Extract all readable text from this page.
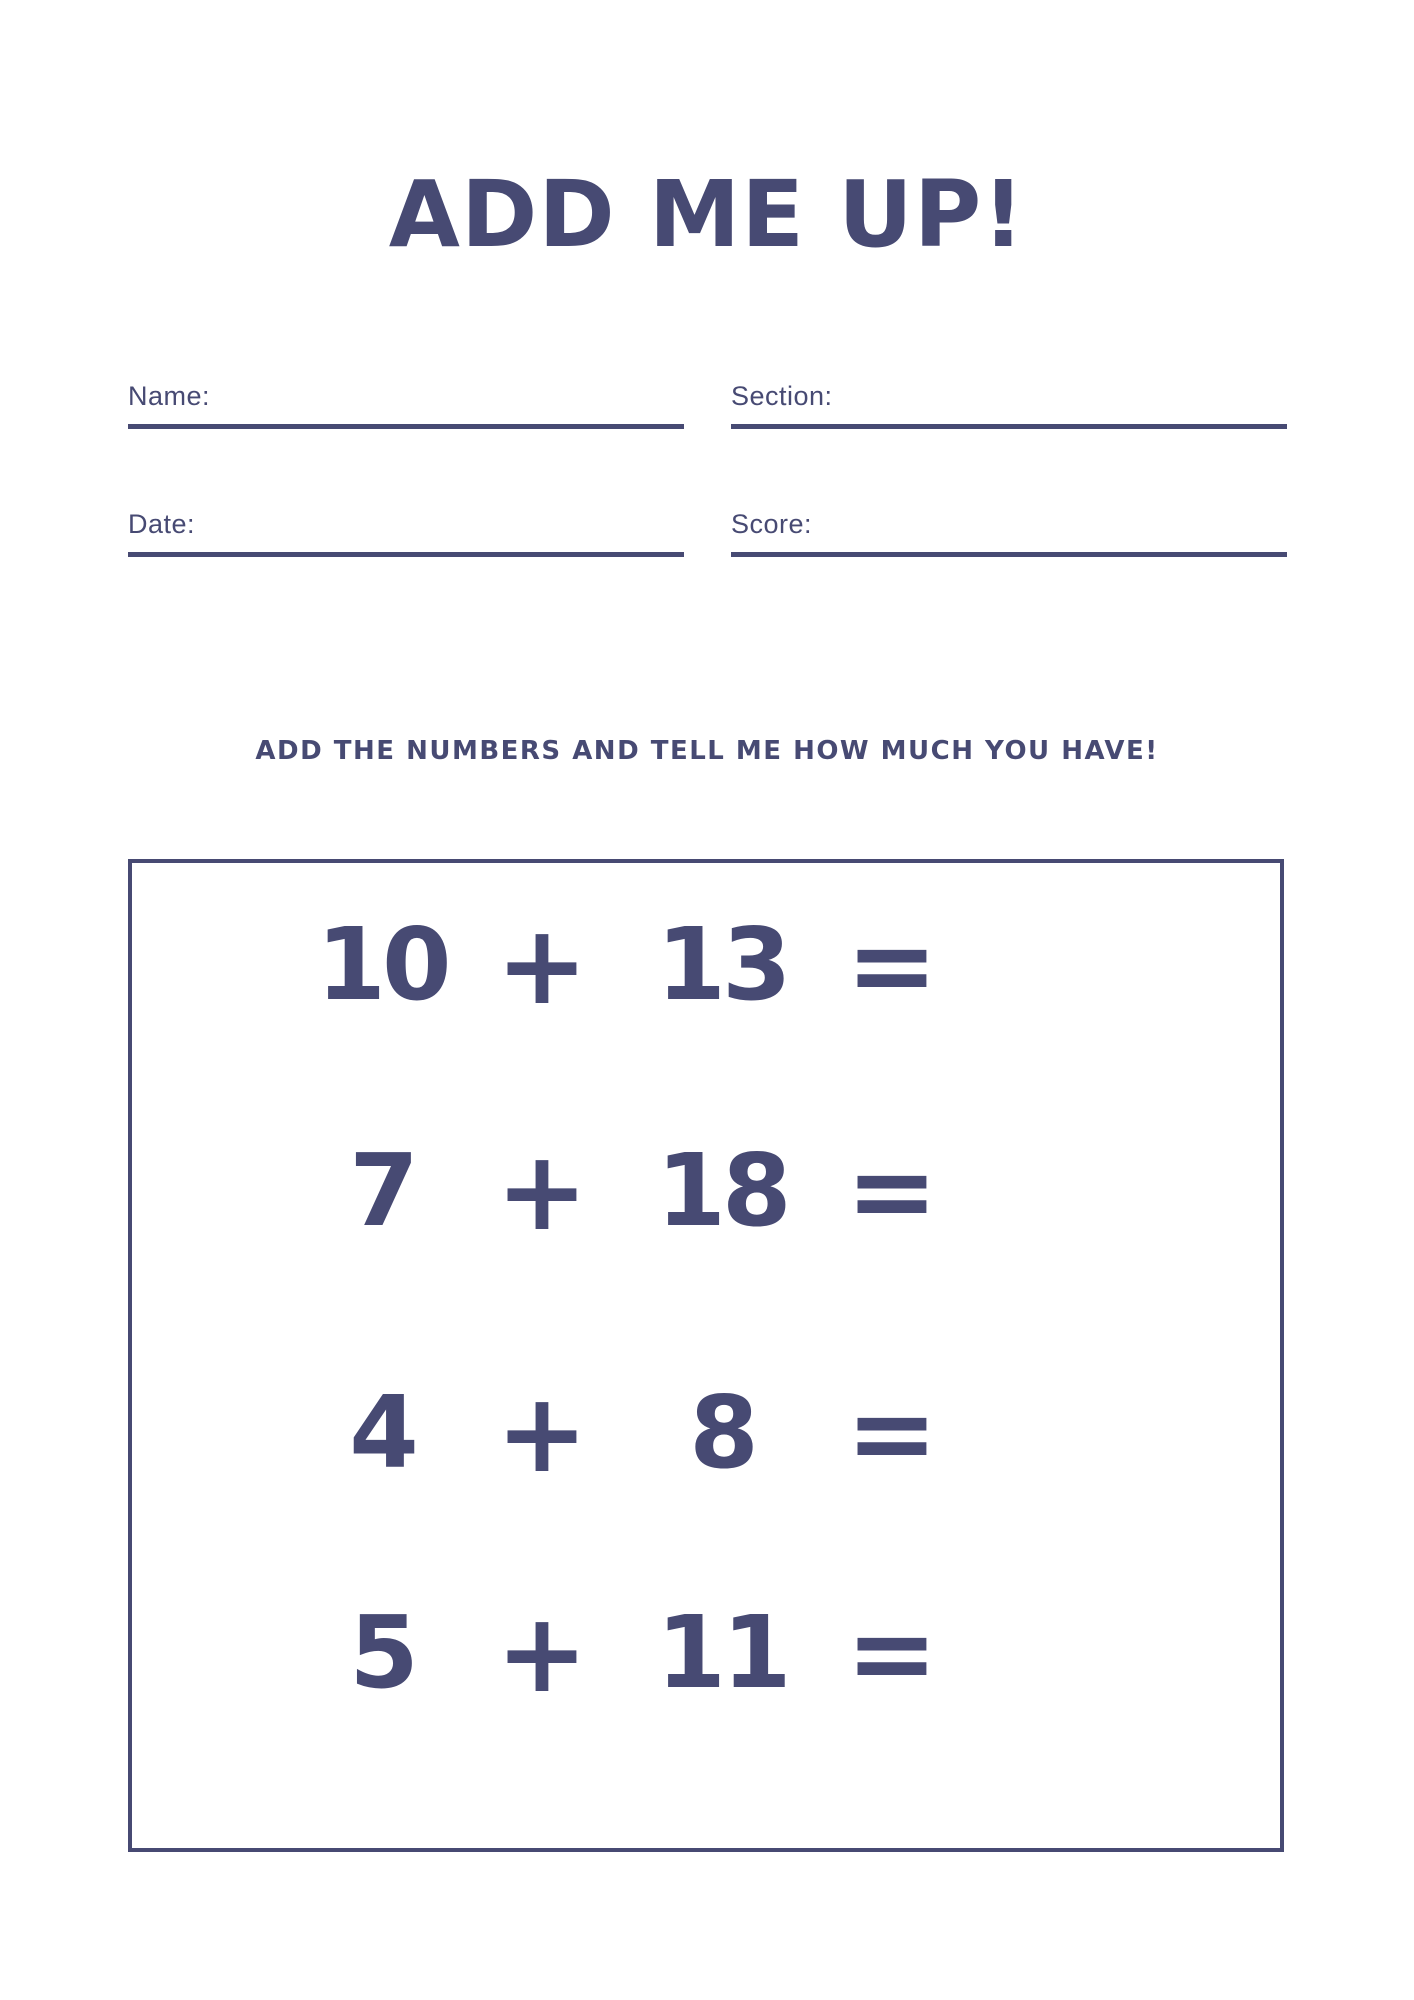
ADD ME UP!
Name:	Section:
Date:	Score:
ADD THE NUMBERS AND TELL ME HOW MUCH YOU HAVE!
10 + 13 =
7 + 18 =
4 +	8 =
5 + 11 =
